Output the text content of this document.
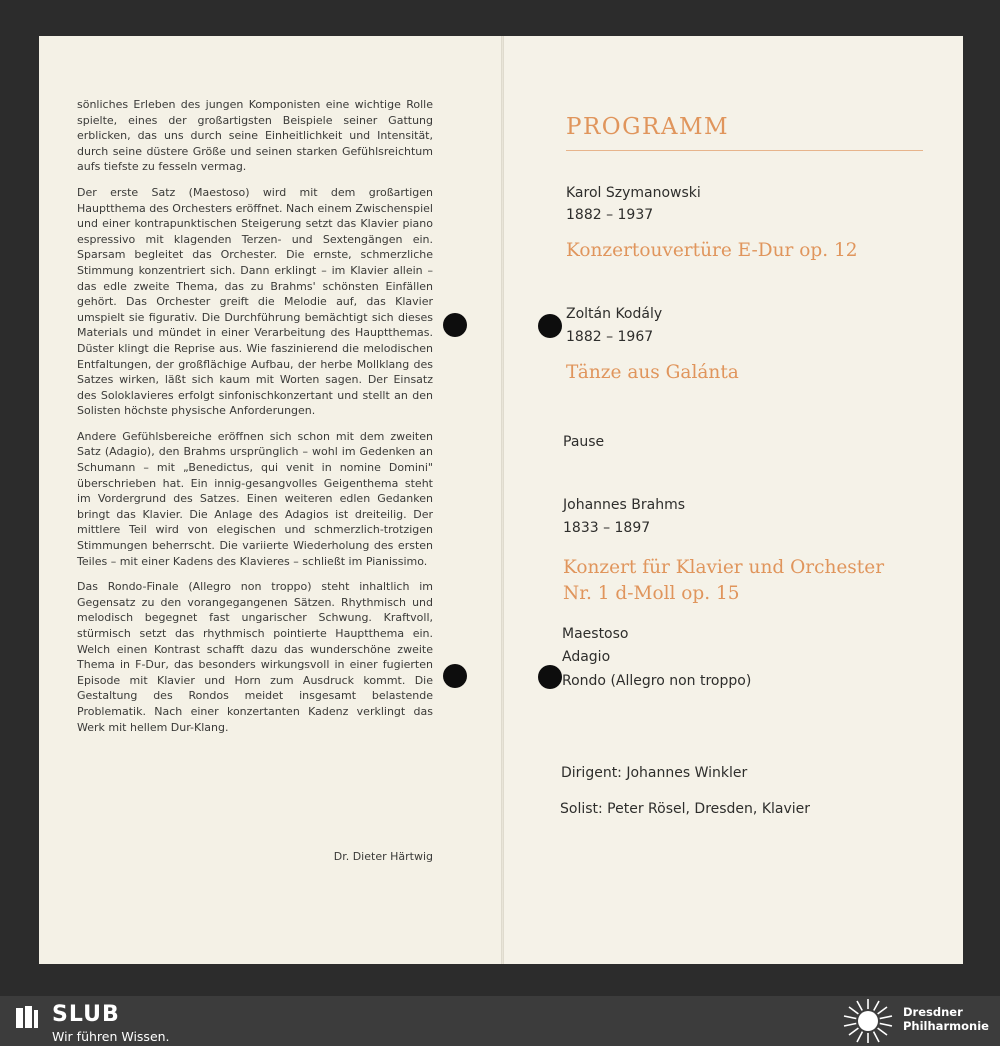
sönliches Erleben des jungen Komponisten eine wichtige Rolle spielte, eines der großartigsten Beispiele seiner Gattung erblicken, das uns durch seine Einheitlichkeit und Intensität, durch seine düstere Größe und seinen starken Gefühlsreichtum aufs tiefste zu fesseln vermag.

Der erste Satz (Maestoso) wird mit dem großartigen Hauptthema des Orchesters eröffnet. Nach einem Zwischenspiel und einer kontrapunktischen Steigerung setzt das Klavier piano espressivo mit klagenden Terzen- und Sextengängen ein. Sparsam begleitet das Orchester. Die ernste, schmerzliche Stimmung konzentriert sich. Dann erklingt – im Klavier allein – das edle zweite Thema, das zu Brahms' schönsten Einfällen gehört. Das Orchester greift die Melodie auf, das Klavier umspielt sie figurativ. Die Durchführung bemächtigt sich dieses Materials und mündet in einer Verarbeitung des Hauptthemas. Düster klingt die Reprise aus. Wie faszinierend die melodischen Entfaltungen, der großflächige Aufbau, der herbe Mollklang des Satzes wirken, läßt sich kaum mit Worten sagen. Der Einsatz des Soloklavieres erfolgt sinfonischkonzertant und stellt an den Solisten höchste physische Anforderungen.

Andere Gefühlsbereiche eröffnen sich schon mit dem zweiten Satz (Adagio), den Brahms ursprünglich – wohl im Gedenken an Schumann – mit „Benedictus, qui venit in nomine Domini" überschrieben hat. Ein innig-gesangvolles Geigenthema steht im Vordergrund des Satzes. Einen weiteren edlen Gedanken bringt das Klavier. Die Anlage des Adagios ist dreiteilig. Der mittlere Teil wird von elegischen und schmerzlich-trotzigen Stimmungen beherrscht. Die variierte Wiederholung des ersten Teiles – mit einer Kadens des Klavieres – schließt im Pianissimo.

Das Rondo-Finale (Allegro non troppo) steht inhaltlich im Gegensatz zu den vorangegangenen Sätzen. Rhythmisch und melodisch begegnet fast ungarischer Schwung. Kraftvoll, stürmisch setzt das rhythmisch pointierte Hauptthema ein. Welch einen Kontrast schafft dazu das wunderschöne zweite Thema in F-Dur, das besonders wirkungsvoll in einer fugierten Episode mit Klavier und Horn zum Ausdruck kommt. Die Gestaltung des Rondos meidet insgesamt belastende Problematik. Nach einer konzertanten Kadenz verklingt das Werk mit hellem Dur-Klang.

Dr. Dieter Härtwig
PROGRAMM
Karol Szymanowski
1882 – 1937
Konzertouvertüre E-Dur op. 12
Zoltán Kodály
1882 – 1967
Tänze aus Galánta
Pause
Johannes Brahms
1833 – 1897
Konzert für Klavier und Orchester
Nr. 1 d-Moll op. 15
Maestoso
Adagio
Rondo (Allegro non troppo)
Dirigent: Johannes Winkler
Solist: Peter Rösel, Dresden, Klavier
SLUB
Wir führen Wissen.
Dresdner
Philharmonie
